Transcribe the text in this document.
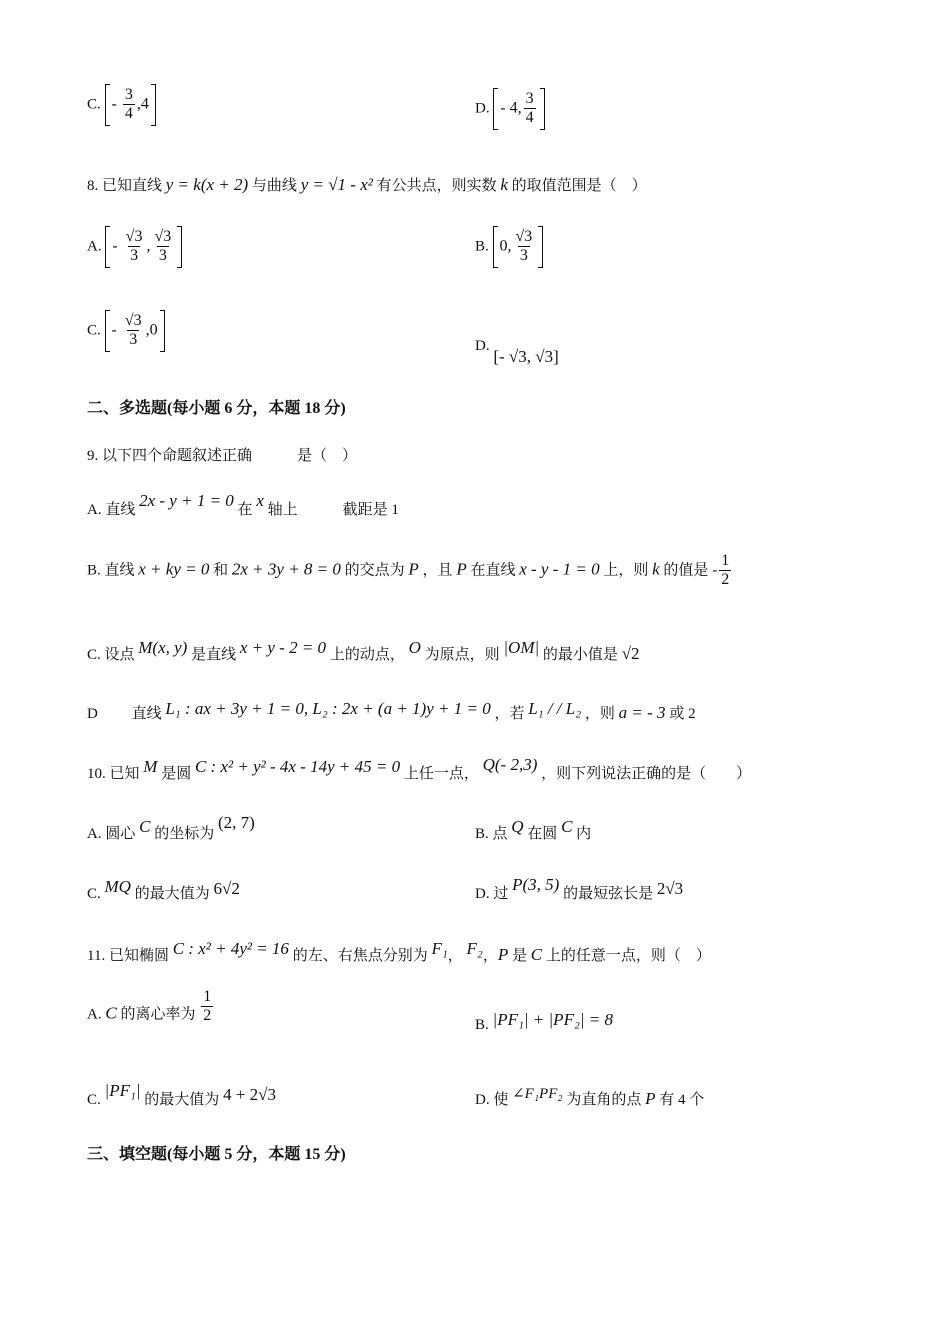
C. - $\frac{3}{4} ,4$	D. - 4, $\frac{3}{4}$
8. 已知直线 y = k(x + 2) 与曲线 y = √1 - x² 有公共点，则实数 k 的取值范围是（　）
A. - $\frac{√3}{3}$ , $\frac{√3}{3}$	B. 0, $\frac{√3}{3}$
C. - $\frac{√3}{3} ,0$
D. [- √3, √3]
二、多选题(每小题 6 分，本题 18 分)
9. 以下四个命题叙述正确　　　是（　）
A. 直线 2x - y + 1 = 0 在 x 轴上　　　截距是 1
B. 直线 x + ky = 0 和 2x + 3y + 8 = 0 的交点为 P ，且 P 在直线 x - y - 1 = 0 上，则 k 的值是 - $\frac{1}{2}$
C. 设点 M(x, y) 是直线 x + y - 2 = 0 上的动点， O 为原点，则 |OM| 的最小值是 √2
D　　 直线 L₁ : ax + 3y + 1 = 0, L₂ : 2x + (a + 1)y + 1 = 0 ，若 L₁ / / L₂ ，则 a = - 3 或 2
10. 已知 M 是圆 C : x² + y² - 4x - 14y + 45 = 0 上任一点， Q(- 2,3) ，则下列说法正确的是（　　）
A. 圆心 C 的坐标为 (2, 7)
B. 点 Q 在圆 C 内
C. MQ 的最大值为 6√2	D. 过 P(3, 5) 的最短弦长是 2√3
11. 已知椭圆 C : x² + 4y² = 16 的左、右焦点分别为 F₁， F₂，P 是 C 上的任意一点，则（　）
A. C 的离心率为 $\frac{1}{2}$	B. |PF₁| + |PF₂| = 8
C. |PF₁| 的最大值为 4 + 2√3	D. 使 ∠F₁PF₂ 为直角的点 P 有 4 个
三、填空题(每小题 5 分，本题 15 分)
